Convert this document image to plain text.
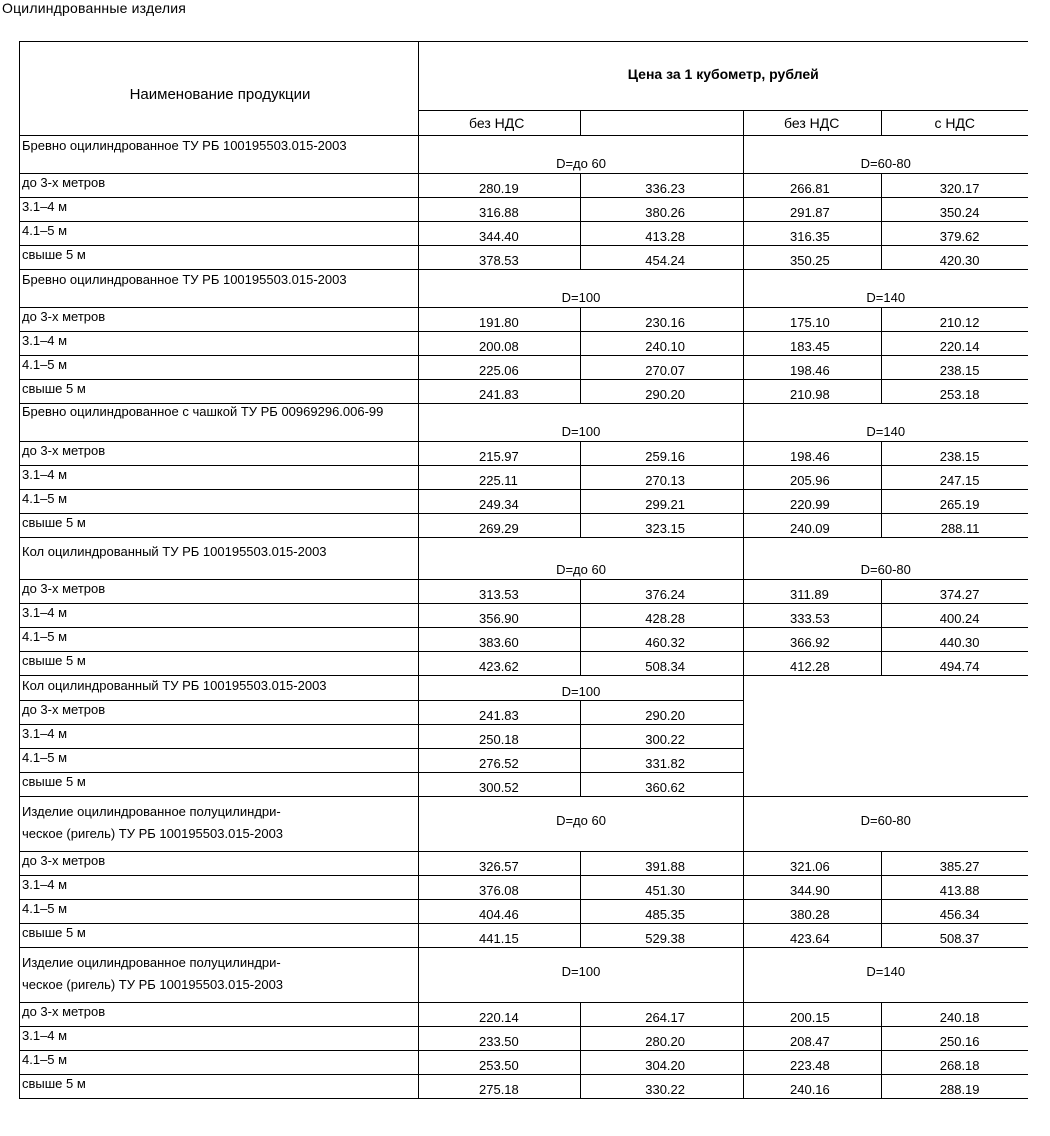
Оцилиндрованные изделия
Наименование продукции	Цена за 1 кубометр, рублей			
	без НДС		без НДС	с НДС
Бревно оцилиндрованное ТУ РБ 100195503.015-2003	D=до 60		D=60-80	
до 3-х метров	280.19	336.23	266.81	320.17
3.1–4 м	316.88	380.26	291.87	350.24
4.1–5 м	344.40	413.28	316.35	379.62
свыше 5 м	378.53	454.24	350.25	420.30
Бревно оцилиндрованное ТУ РБ 100195503.015-2003	D=100		D=140	
до 3-х метров	191.80	230.16	175.10	210.12
3.1–4 м	200.08	240.10	183.45	220.14
4.1–5 м	225.06	270.07	198.46	238.15
свыше 5 м	241.83	290.20	210.98	253.18
Бревно оцилиндрованное с чашкой ТУ РБ 00969296.006-99	D=100		D=140	
до 3-х метров	215.97	259.16	198.46	238.15
3.1–4 м	225.11	270.13	205.96	247.15
4.1–5 м	249.34	299.21	220.99	265.19
свыше 5 м	269.29	323.15	240.09	288.11
Кол оцилиндрованный ТУ РБ 100195503.015-2003	D=до 60		D=60-80	
до 3-х метров	313.53	376.24	311.89	374.27
3.1–4 м	356.90	428.28	333.53	400.24
4.1–5 м	383.60	460.32	366.92	440.30
свыше 5 м	423.62	508.34	412.28	494.74
Кол оцилиндрованный ТУ РБ 100195503.015-2003	D=100			
до 3-х метров	241.83	290.20		
3.1–4 м	250.18	300.22		
4.1–5 м	276.52	331.82		
свыше 5 м	300.52	360.62		
Изделие оцилиндрованное полуцилиндри-
ческое (ригель) ТУ РБ 100195503.015-2003	D=до 60		D=60-80	
до 3-х метров	326.57	391.88	321.06	385.27
3.1–4 м	376.08	451.30	344.90	413.88
4.1–5 м	404.46	485.35	380.28	456.34
свыше 5 м	441.15	529.38	423.64	508.37
Изделие оцилиндрованное полуцилиндри-
ческое (ригель) ТУ РБ 100195503.015-2003	D=100		D=140	
до 3-х метров	220.14	264.17	200.15	240.18
3.1–4 м	233.50	280.20	208.47	250.16
4.1–5 м	253.50	304.20	223.48	268.18
свыше 5 м	275.18	330.22	240.16	288.19
